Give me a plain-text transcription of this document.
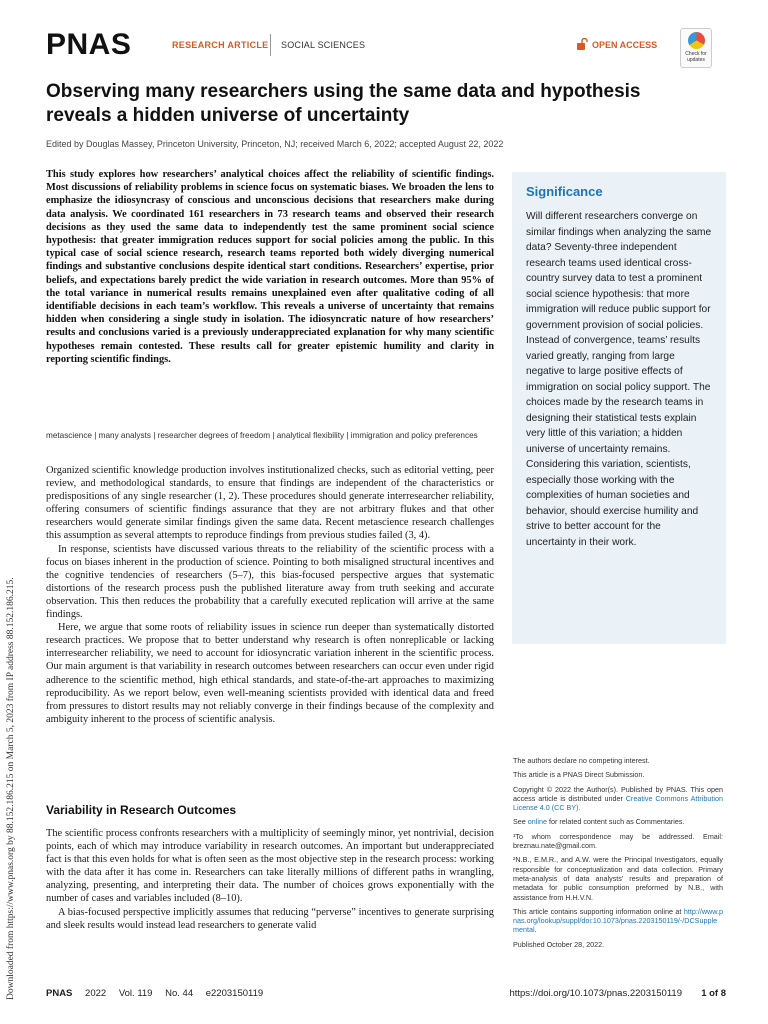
PNAS	RESEARCH ARTICLE SOCIAL SCIENCES	OPEN ACCESS
Check for updates
Observing many researchers using the same data and hypothesis reveals a hidden universe of uncertainty
Edited by Douglas Massey, Princeton University, Princeton, NJ; received March 6, 2022; accepted August 22, 2022
This study explores how researchers’ analytical choices affect the reliability of scientific findings. Most discussions of reliability problems in science focus on systematic biases. We broaden the lens to emphasize the idiosyncrasy of conscious and unconscious decisions that researchers make during data analysis. We coordinated 161 researchers in 73 research teams and observed their research decisions as they used the same data to independently test the same prominent social science hypothesis: that greater immigration reduces support for social policies among the public. In this typical case of social science research, research teams reported both widely diverging numerical findings and substantive conclusions despite identical start conditions. Researchers’ expertise, prior beliefs, and expectations barely predict the wide variation in research outcomes. More than 95% of the total variance in numerical results remains unexplained even after qualitative coding of all identifiable decisions in each team’s workflow. This reveals a universe of uncertainty that remains hidden when considering a single study in isolation. The idiosyncratic nature of how researchers’ results and conclusions varied is a previously underappreciated explanation for why many scientific hypotheses remain contested. These results call for greater epistemic humility and clarity in reporting scientific findings.
metascience | many analysts | researcher degrees of freedom | analytical flexibility | immigration and policy preferences

Organized scientific knowledge production involves institutionalized checks, such as editorial vetting, peer review, and methodological standards, to ensure that findings are independent of the characteristics or predispositions of any single researcher (1, 2). These procedures should generate interresearcher reliability, offering consumers of scientific findings assurance that they are not arbitrary flukes and that other researchers would generate similar findings given the same data. Recent metascience research challenges this assumption as several attempts to reproduce findings from previous studies failed (3, 4).

In response, scientists have discussed various threats to the reliability of the scientific process with a focus on biases inherent in the production of science. Pointing to both misaligned structural incentives and the cognitive tendencies of researchers (5–7), this bias-focused perspective argues that systematic distortions of the research process push the published literature away from truth seeking and accurate observation. This then reduces the probability that a carefully executed replication will arrive at the same findings.

Here, we argue that some roots of reliability issues in science run deeper than systematically distorted research practices. We propose that to better understand why research is often nonreplicable or lacking interresearcher reliability, we need to account for idiosyncratic variation inherent in the scientific process. Our main argument is that variability in research outcomes between researchers can occur even under rigid adherence to the scientific method, high ethical standards, and state-of-the-art approaches to maximizing reproducibility. As we report below, even well-meaning scientists provided with identical data and freed from pressures to distort results may not reliably converge in their findings because of the complexity and ambiguity inherent to the process of scientific analysis.

Variability in Research Outcomes

The scientific process confronts researchers with a multiplicity of seemingly minor, yet nontrivial, decision points, each of which may introduce variability in research outcomes. An important but underappreciated fact is that this even holds for what is often seen as the most objective step in the research process: working with the data after it has come in. Researchers can take literally millions of different paths in wrangling, analyzing, presenting, and interpreting their data. The number of choices grows exponentially with the number of cases and variables included (8–10).

A bias-focused perspective implicitly assumes that reducing “perverse” incentives to generate surprising and sleek results would instead lead researchers to generate valid

Significance
Will different researchers converge on similar findings when analyzing the same data? Seventy-three independent research teams used identical cross-country survey data to test a prominent social science hypothesis: that more immigration will reduce public support for government provision of social policies. Instead of convergence, teams’ results varied greatly, ranging from large negative to large positive effects of immigration on social policy support. The choices made by the research teams in designing their statistical tests explain very little of this variation; a hidden universe of uncertainty remains. Considering this variation, scientists, especially those working with the complexities of human societies and behavior, should exercise humility and strive to better account for the uncertainty in their work.
The authors declare no competing interest.
This article is a PNAS Direct Submission.
Copyright © 2022 the Author(s). Published by PNAS. This open access article is distributed under Creative Commons Attribution License 4.0 (CC BY).
See online for related content such as Commentaries.
¹To whom correspondence may be addressed. Email: breznau.nate@gmail.com.
²N.B., E.M.R., and A.W. were the Principal Investigators, equally responsible for conceptualization and data collection. Primary meta-analysis of data analysts’ results and preparation of metadata for public consumption preformed by N.B., with assistance from H.H.V.N.
This article contains supporting information online at http://www.pnas.org/lookup/suppl/doi:10.1073/pnas.2203150119/-/DCSupplemental.
Published October 28, 2022.
Downloaded from https://www.pnas.org by 88.152.186.215 on March 5, 2023 from IP address 88.152.186.215.	PNAS 2022 Vol. 119 No. 44 e2203150119	https://doi.org/10.1073/pnas.2203150119 1 of 8
